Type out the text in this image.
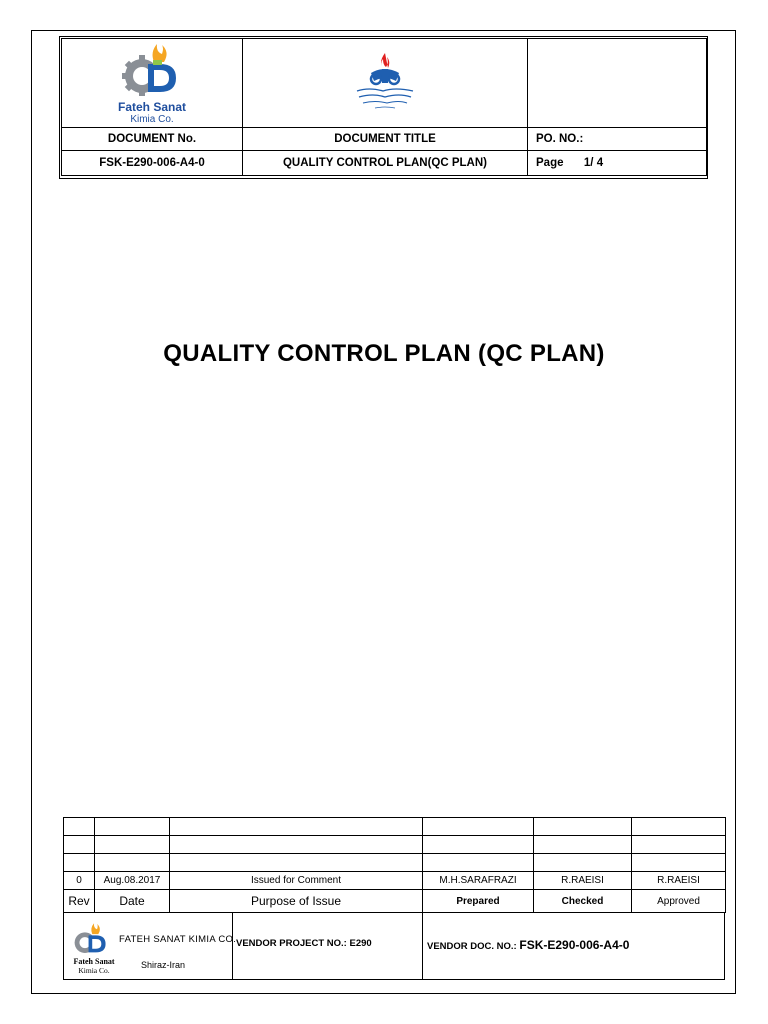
Fateh Sanat
Kimia Co.

DOCUMENT No.	DOCUMENT TITLE	PO. NO.:
FSK-E290-006-A4-0	QUALITY CONTROL PLAN(QC PLAN)	Page 1/ 4
QUALITY CONTROL PLAN (QC PLAN)

0	Aug.08.2017	Issued for Comment	M.H.SARAFRAZI	R.RAEISI	R.RAEISI
Rev	Date	Purpose of Issue	Prepared	Checked	Approved
Fateh Sanat
Kimia Co.
FATEH SANAT KIMIA CO.
Shiraz-Iran
VENDOR PROJECT NO.: E290	VENDOR DOC. NO.: FSK-E290-006-A4-0
